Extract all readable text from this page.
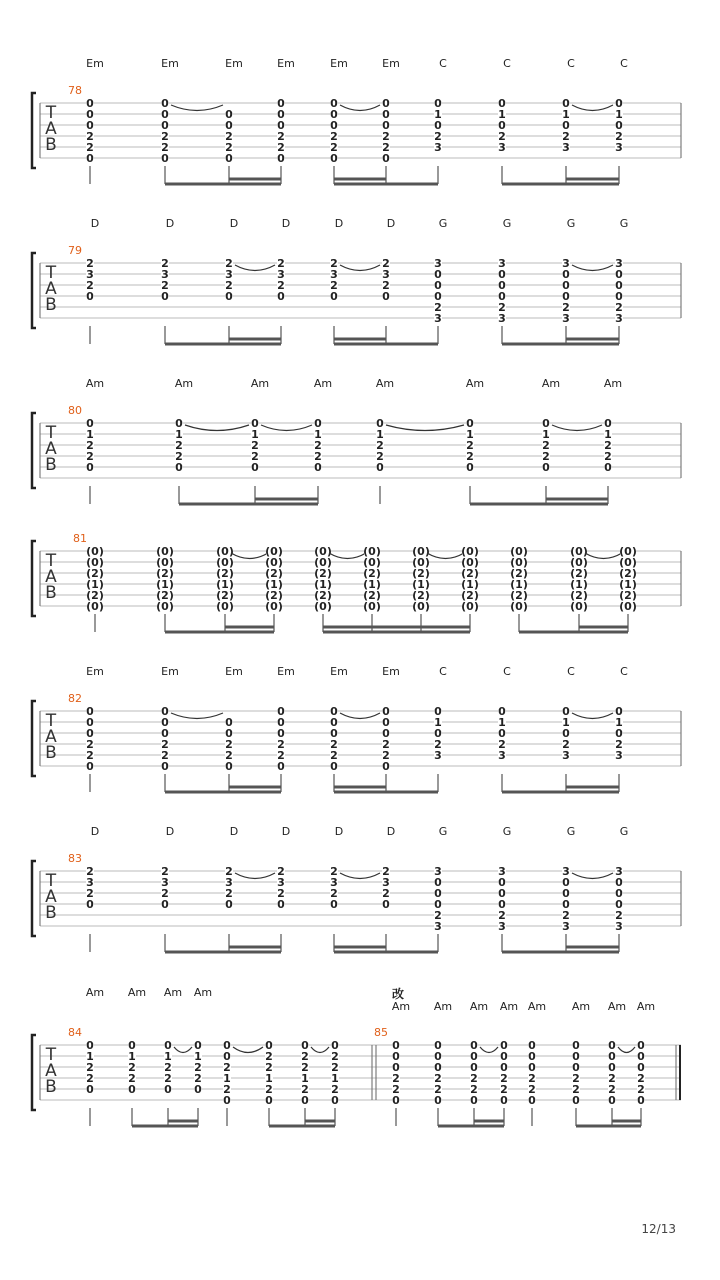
T
A
B
78
Em
0
0
0
2
2
0
Em
0
0
0
2
2
0
Em
0
0
2
2
0
Em
0
0
0
2
2
0
Em
0
0
0
2
2
0
Em
0
0
0
2
2
0
C
0
1
0
2
3
C
0
1
0
2
3
C
0
1
0
2
3
C
0
1
0
2
3
T
A
B
79
D
2
3
2
0
D
2
3
2
0
D
2
3
2
0
D
2
3
2
0
D
2
3
2
0
D
2
3
2
0
G
3
0
0
0
2
3
G
3
0
0
0
2
3
G
3
0
0
0
2
3
G
3
0
0
0
2
3
T
A
B
80
Am
0
1
2
2
0
Am
0
1
2
2
0
Am
0
1
2
2
0
Am
0
1
2
2
0
Am
0
1
2
2
0
Am
0
1
2
2
0
Am
0
1
2
2
0
Am
0
1
2
2
0
T
A
B
81
(0)
(0)
(2)
(1)
(2)
(0)
(0)
(0)
(2)
(1)
(2)
(0)
(0)
(0)
(2)
(1)
(2)
(0)
(0)
(0)
(2)
(1)
(2)
(0)
(0)
(0)
(2)
(1)
(2)
(0)
(0)
(0)
(2)
(1)
(2)
(0)
(0)
(0)
(2)
(1)
(2)
(0)
(0)
(0)
(2)
(1)
(2)
(0)
(0)
(0)
(2)
(1)
(2)
(0)
(0)
(0)
(2)
(1)
(2)
(0)
(0)
(0)
(2)
(1)
(2)
(0)
T
A
B
82
Em
0
0
0
2
2
0
Em
0
0
0
2
2
0
Em
0
0
2
2
0
Em
0
0
0
2
2
0
Em
0
0
0
2
2
0
Em
0
0
0
2
2
0
C
0
1
0
2
3
C
0
1
0
2
3
C
0
1
0
2
3
C
0
1
0
2
3
T
A
B
83
D
2
3
2
0
D
2
3
2
0
D
2
3
2
0
D
2
3
2
0
D
2
3
2
0
D
2
3
2
0
G
3
0
0
0
2
3
G
3
0
0
0
2
3
G
3
0
0
0
2
3
G
3
0
0
0
2
3
T
A
B
84
Am
0
1
2
2
0
Am
0
1
2
2
0
Am
0
1
2
2
0
Am
0
1
2
2
0
0
0
2
1
2
0
0
2
2
1
2
0
0
2
2
1
2
0
0
2
2
1
2
0
85
改
Am
0
0
0
2
2
0
Am
0
0
0
2
2
0
Am
0
0
0
2
2
0
Am
0
0
0
2
2
0
Am
0
0
0
2
2
0
Am
0
0
0
2
2
0
Am
0
0
0
2
2
0
Am
0
0
0
2
2
0
12/13
